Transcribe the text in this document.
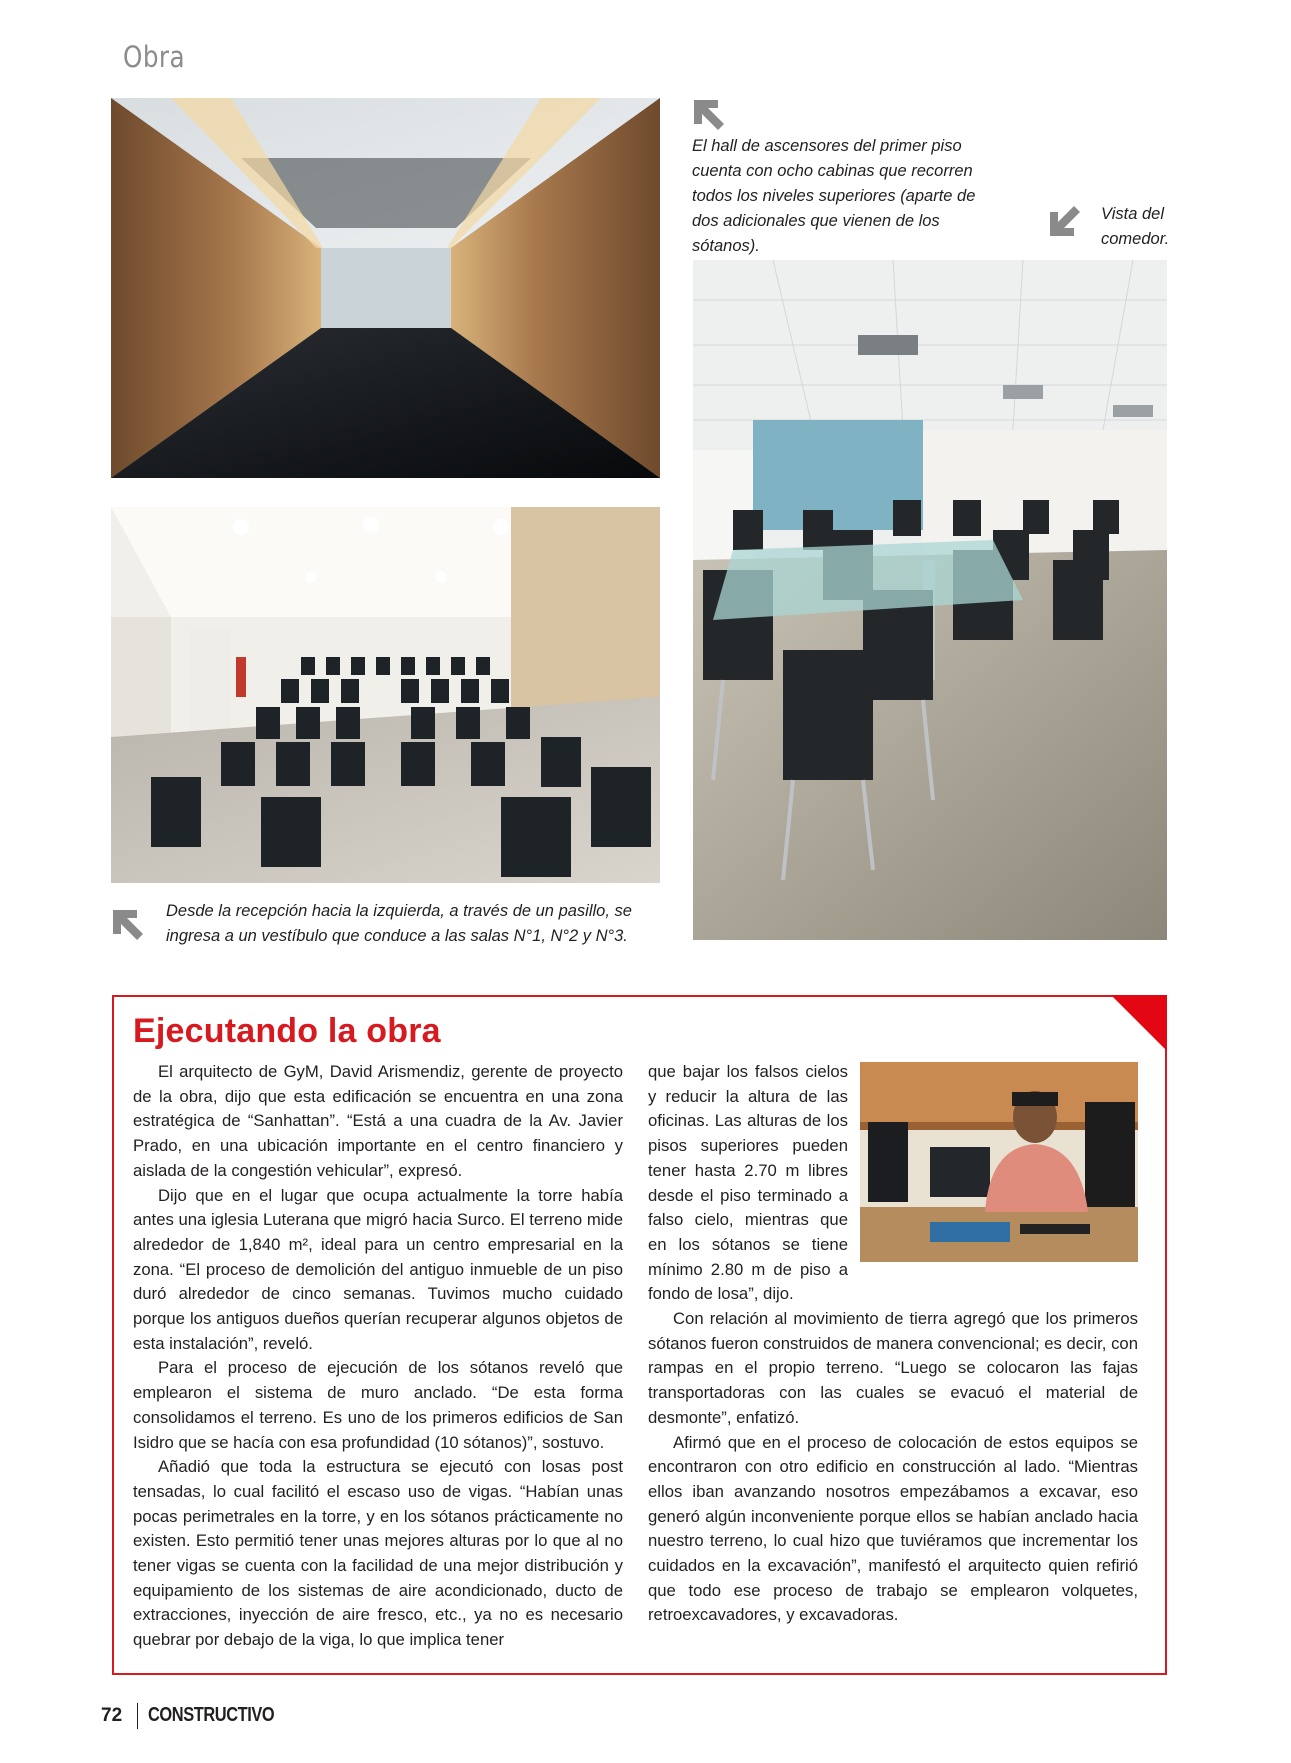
Obra
El hall de ascensores del primer piso cuenta con ocho cabinas que recorren todos los niveles superiores (aparte de dos adicionales que vienen de los sótanos).
Vista del comedor.
Desde la recepción hacia la izquierda, a través de un pasillo, se ingresa a un vestíbulo que conduce a las salas N°1, N°2 y N°3.
Ejecutando la obra

El arquitecto de GyM, David Arismendiz, gerente de proyecto de la obra, dijo que esta edificación se encuentra en una zona estratégica de “Sanhattan”. “Está a una cuadra de la Av. Javier Prado, en una ubicación importante en el centro financiero y aislada de la congestión vehicular”, expresó.

Dijo que en el lugar que ocupa actualmente la torre había antes una iglesia Luterana que migró hacia Surco. El terreno mide alrededor de 1,840 m², ideal para un centro empresarial en la zona. “El proceso de demolición del antiguo inmueble de un piso duró alrededor de cinco semanas. Tuvimos mucho cuidado porque los antiguos dueños querían recuperar algunos objetos de esta instalación”, reveló.

Para el proceso de ejecución de los sótanos reveló que emplearon el sistema de muro anclado. “De esta forma consolidamos el terreno. Es uno de los primeros edificios de San Isidro que se hacía con esa profundidad (10 sótanos)”, sostuvo.

Añadió que toda la estructura se ejecutó con losas post tensadas, lo cual facilitó el escaso uso de vigas. “Habían unas pocas perimetrales en la torre, y en los sótanos prácticamente no existen. Esto permitió tener unas mejores alturas por lo que al no tener vigas se cuenta con la facilidad de una mejor distribución y equipamiento de los sistemas de aire acondicionado, ducto de extracciones, inyección de aire fresco, etc., ya no es necesario quebrar por debajo de la viga, lo que implica tener

que bajar los falsos cielos y reducir la altura de las oficinas. Las alturas de los pisos superiores pueden tener hasta 2.70 m libres desde el piso terminado a falso cielo, mientras que en los sótanos se tiene mínimo 2.80 m de piso a fondo de losa”, dijo.

Con relación al movimiento de tierra agregó que los primeros sótanos fueron construidos de manera convencional; es decir, con rampas en el propio terreno. “Luego se colocaron las fajas transportadoras con las cuales se evacuó el material de desmonte”, enfatizó.

Afirmó que en el proceso de colocación de estos equipos se encontraron con otro edificio en construcción al lado. “Mientras ellos iban avanzando nosotros empezábamos a excavar, eso generó algún inconveniente porque ellos se habían anclado hacia nuestro terreno, lo cual hizo que tuviéramos que incrementar los cuidados en la excavación”, manifestó el arquitecto quien refirió que todo ese proceso de trabajo se emplearon volquetes, retroexcavadores, y excavadoras.

72 CONSTRUCTIVO
